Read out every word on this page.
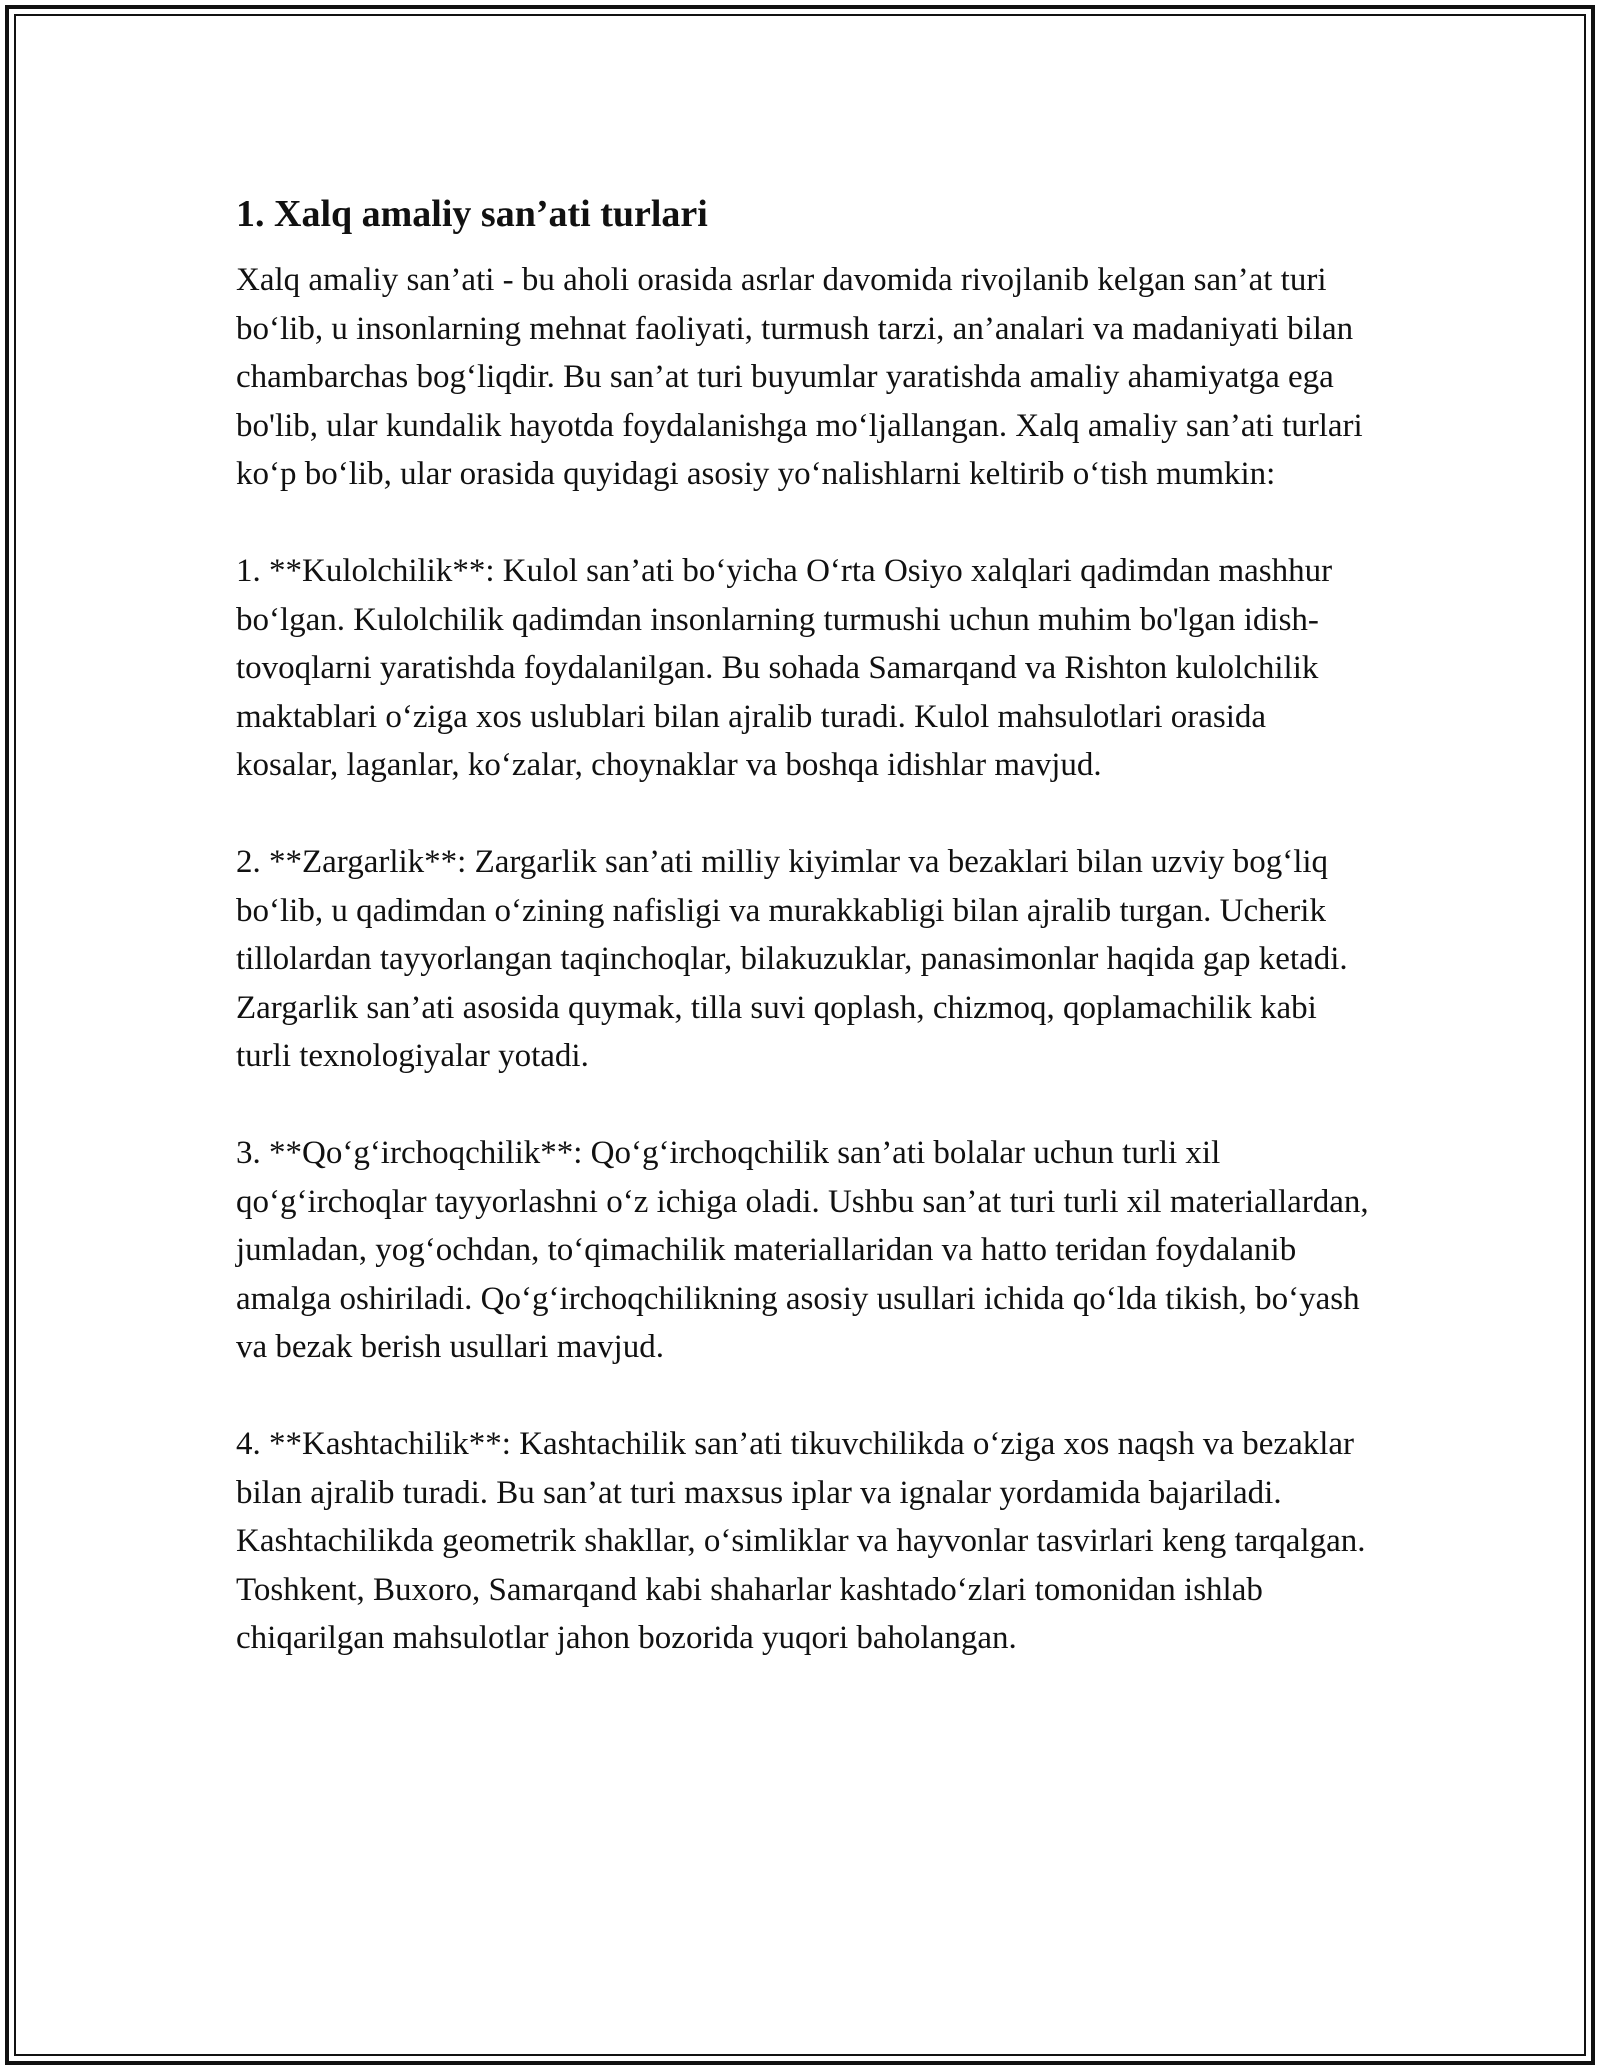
1. Xalq amaliy san’ati turlari

Xalq amaliy san’ati - bu aholi orasida asrlar davomida rivojlanib kelgan san’at turi bo‘lib, u insonlarning mehnat faoliyati, turmush tarzi, an’analari va madaniyati bilan chambarchas bog‘liqdir. Bu san’at turi buyumlar yaratishda amaliy ahamiyatga ega bo'lib, ular kundalik hayotda foydalanishga mo‘ljallangan. Xalq amaliy san’ati turlari ko‘p bo‘lib, ular orasida quyidagi asosiy yo‘nalishlarni keltirib o‘tish mumkin:

1. **Kulolchilik**: Kulol san’ati bo‘yicha O‘rta Osiyo xalqlari qadimdan mashhur bo‘lgan. Kulolchilik qadimdan insonlarning turmushi uchun muhim bo'lgan idish-tovoqlarni yaratishda foydalanilgan. Bu sohada Samarqand va Rishton kulolchilik maktablari o‘ziga xos uslublari bilan ajralib turadi. Kulol mahsulotlari orasida kosalar, laganlar, ko‘zalar, choynaklar va boshqa idishlar mavjud.

2. **Zargarlik**: Zargarlik san’ati milliy kiyimlar va bezaklari bilan uzviy bog‘liq bo‘lib, u qadimdan o‘zining nafisligi va murakkabligi bilan ajralib turgan. Ucherik tillolardan tayyorlangan taqinchoqlar, bilakuzuklar, panasimonlar haqida gap ketadi. Zargarlik san’ati asosida quymak, tilla suvi qoplash, chizmoq, qoplamachilik kabi turli texnologiyalar yotadi.

3. **Qo‘g‘irchoqchilik**: Qo‘g‘irchoqchilik san’ati bolalar uchun turli xil qo‘g‘irchoqlar tayyorlashni o‘z ichiga oladi. Ushbu san’at turi turli xil materiallardan, jumladan, yog‘ochdan, to‘qimachilik materiallaridan va hatto teridan foydalanib amalga oshiriladi. Qo‘g‘irchoqchilikning asosiy usullari ichida qo‘lda tikish, bo‘yash va bezak berish usullari mavjud.

4. **Kashtachilik**: Kashtachilik san’ati tikuvchilikda o‘ziga xos naqsh va bezaklar bilan ajralib turadi. Bu san’at turi maxsus iplar va ignalar yordamida bajariladi. Kashtachilikda geometrik shakllar, o‘simliklar va hayvonlar tasvirlari keng tarqalgan. Toshkent, Buxoro, Samarqand kabi shaharlar kashtado‘zlari tomonidan ishlab chiqarilgan mahsulotlar jahon bozorida yuqori baholangan.
